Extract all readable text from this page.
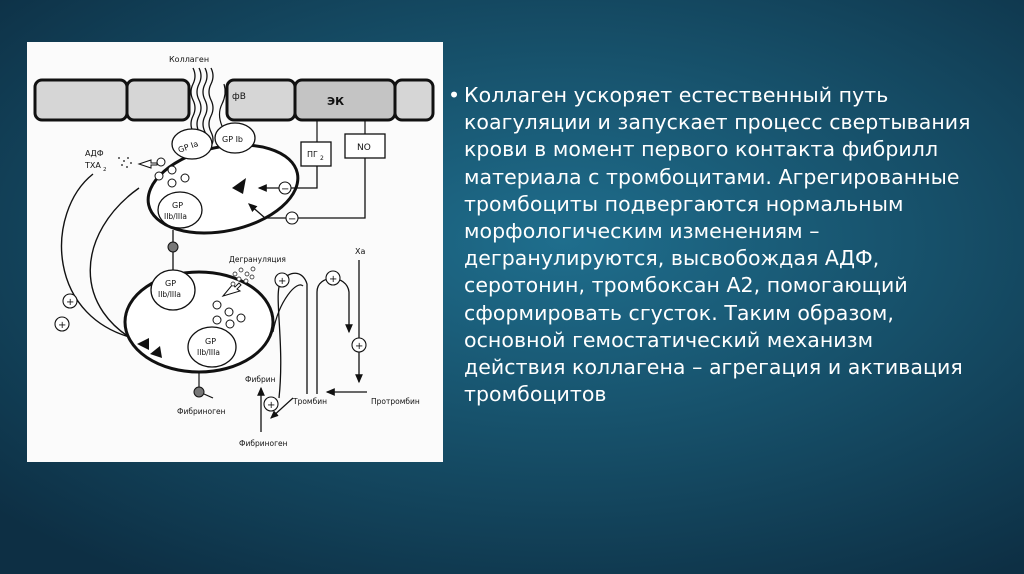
ЭК
Коллаген
фВ
GP Ia	GP Ib
GP
IIb/IIIa
ПГ 2
NO
−
−
АДФ
ТХА 2
+
+
GP
IIb/IIIa
GP
IIb/IIIa
Дегрануляция
Фибриноген
+	+
Ха
+
Протромбин
Тромбин
Фибрин
+
Фибриноген
• Коллаген ускоряет естественный путь коагуляции и запускает процесс свертывания крови в момент первого контакта фибрилл материала с тромбоцитами. Агрегированные тромбоциты подвергаются нормальным морфологическим изменениям – дегранулируются, высвобождая АДФ, серотонин, тромбоксан А2, помогающий сформировать сгусток. Таким образом, основной гемостатический механизм действия коллагена – агрегация и активация тромбоцитов
